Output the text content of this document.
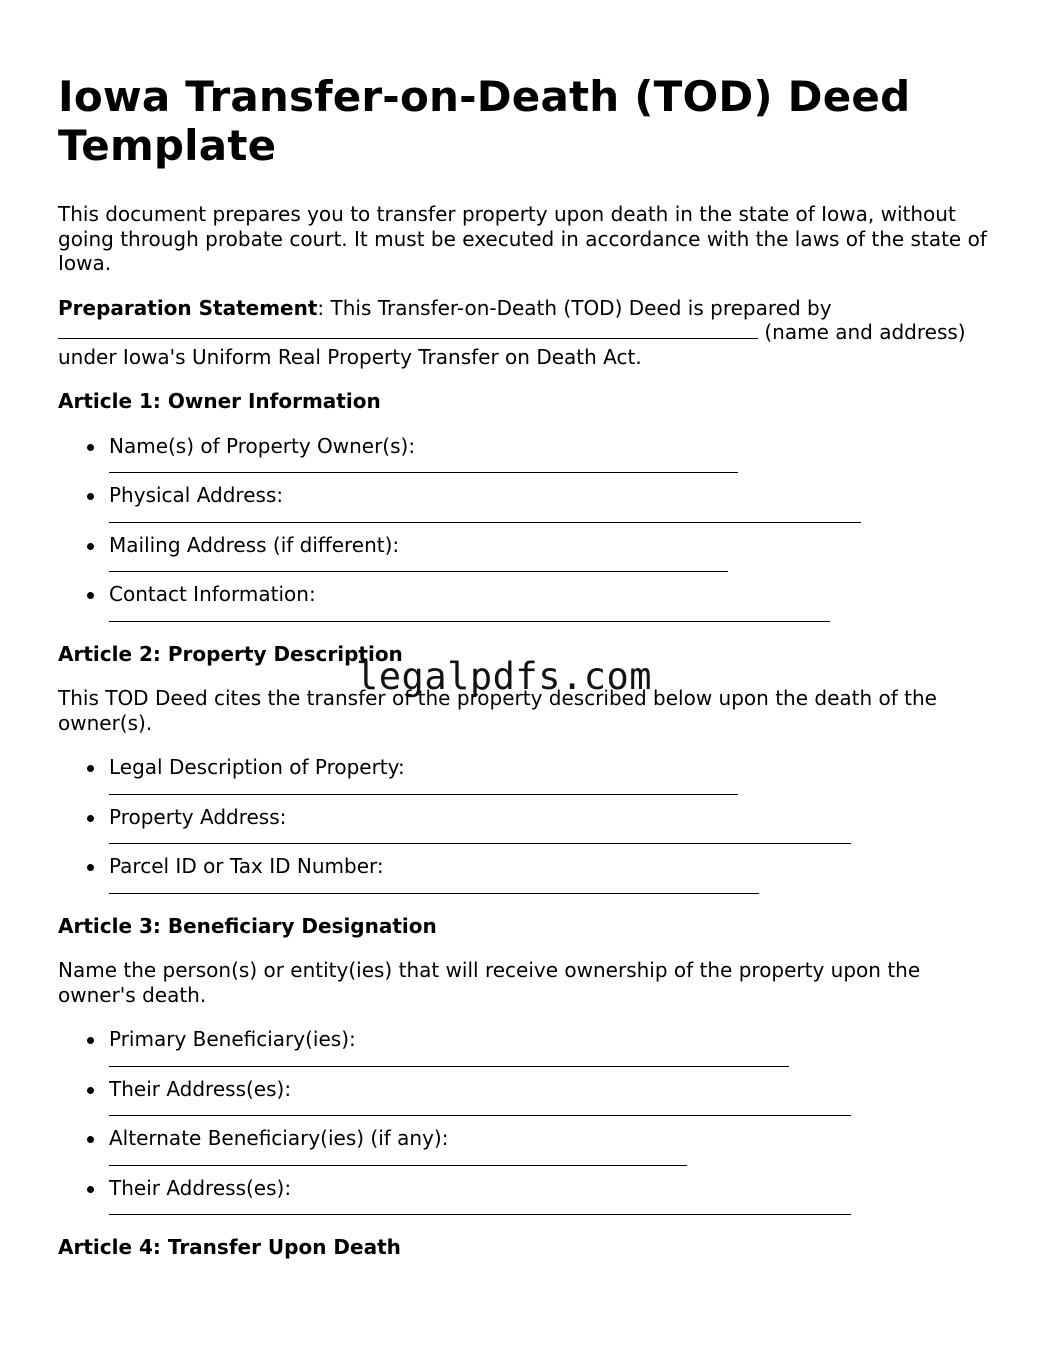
Iowa Transfer-on-Death (TOD) Deed Template

This document prepares you to transfer property upon death in the state of Iowa, without going through probate court. It must be executed in accordance with the laws of the state of Iowa.

Preparation Statement: This Transfer-on-Death (TOD) Deed is prepared by  (name and address) under Iowa's Uniform Real Property Transfer on Death Act.

Article 1: Owner Information
Name(s) of Property Owner(s):
Physical Address:
Mailing Address (if different):
Contact Information:
Article 2: Property Description

This TOD Deed cites the transfer of the property described below upon the death of the owner(s).

Legal Description of Property:
Property Address:
Parcel ID or Tax ID Number:
Article 3: Beneficiary Designation

Name the person(s) or entity(ies) that will receive ownership of the property upon the owner's death.

Primary Beneficiary(ies):
Their Address(es):
Alternate Beneficiary(ies) (if any):
Their Address(es):
Article 4: Transfer Upon Death
legalpdfs.com
